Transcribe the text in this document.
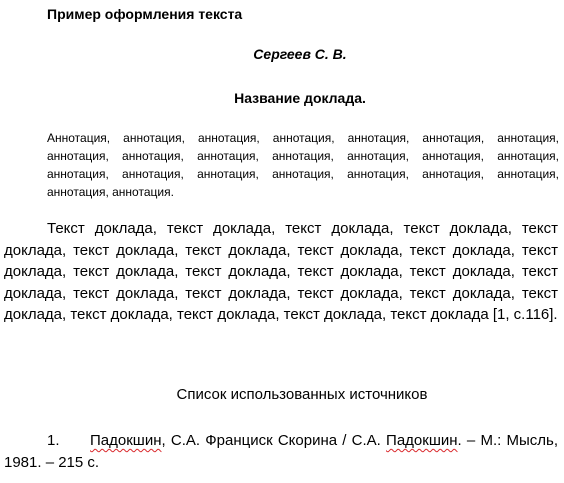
Пример оформления текста
Сергеев С. В.
Название доклада.
Аннотация, аннотация, аннотация, аннотация, аннотация, аннотация, аннотация, аннотация, аннотация, аннотация, аннотация, аннотация, аннотация, аннотация, аннотация, аннотация, аннотация, аннотация, аннотация, аннотация, аннотация, аннотация, аннотация.
Текст доклада, текст доклада, текст доклада, текст доклада, текст доклада, текст доклада, текст доклада, текст доклада, текст доклада, текст доклада, текст доклада, текст доклада, текст доклада, текст доклада, текст доклада, текст доклада, текст доклада, текст доклада, текст доклада, текст доклада, текст доклада, текст доклада, текст доклада, текст доклада [1, с.116].
Список использованных источников
1. Падокшин, С.А. Франциск Скорина / С.А. Падокшин. – М.: Мысль, 1981. – 215 с.
